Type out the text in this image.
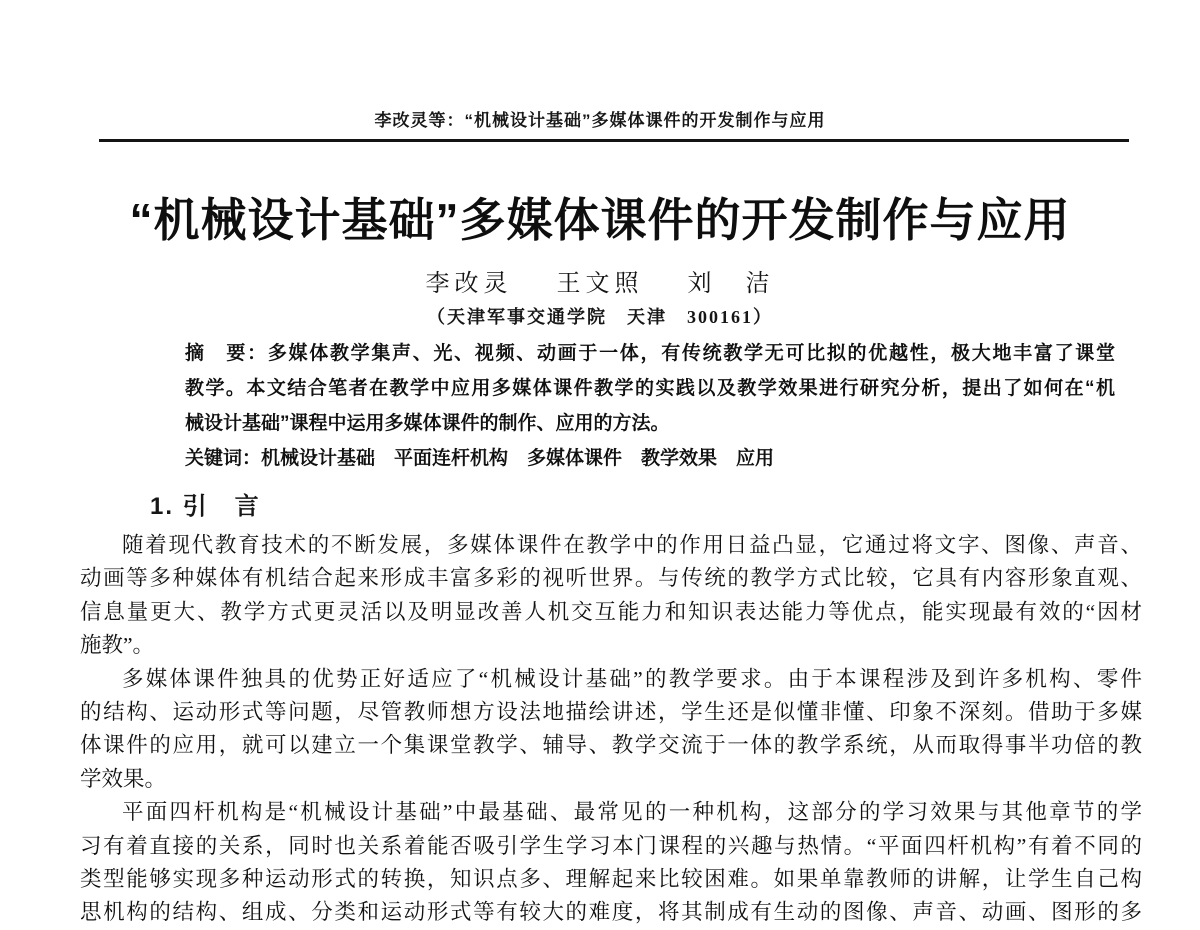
李改灵等：“机械设计基础”多媒体课件的开发制作与应用
“机械设计基础”多媒体课件的开发制作与应用
李改灵 王文照 刘　洁
（天津军事交通学院　天津　300161）
摘　要：多媒体教学集声、光、视频、动画于一体，有传统教学无可比拟的优越性，极大地丰富了课堂
教学。本文结合笔者在教学中应用多媒体课件教学的实践以及教学效果进行研究分析，提出了如何在“机
械设计基础”课程中运用多媒体课件的制作、应用的方法。
关键词：机械设计基础　平面连杆机构　多媒体课件　教学效果　应用
1. 引　言
随着现代教育技术的不断发展，多媒体课件在教学中的作用日益凸显，它通过将文字、图像、声音、
动画等多种媒体有机结合起来形成丰富多彩的视听世界。与传统的教学方式比较，它具有内容形象直观、
信息量更大、教学方式更灵活以及明显改善人机交互能力和知识表达能力等优点，能实现最有效的“因材
施教”。
多媒体课件独具的优势正好适应了“机械设计基础”的教学要求。由于本课程涉及到许多机构、零件
的结构、运动形式等问题，尽管教师想方设法地描绘讲述，学生还是似懂非懂、印象不深刻。借助于多媒
体课件的应用，就可以建立一个集课堂教学、辅导、教学交流于一体的教学系统，从而取得事半功倍的教
学效果。
平面四杆机构是“机械设计基础”中最基础、最常见的一种机构，这部分的学习效果与其他章节的学
习有着直接的关系，同时也关系着能否吸引学生学习本门课程的兴趣与热情。“平面四杆机构”有着不同的
类型能够实现多种运动形式的转换，知识点多、理解起来比较困难。如果单靠教师的讲解，让学生自己构
思机构的结构、组成、分类和运动形式等有较大的难度，将其制成有生动的图像、声音、动画、图形的多
